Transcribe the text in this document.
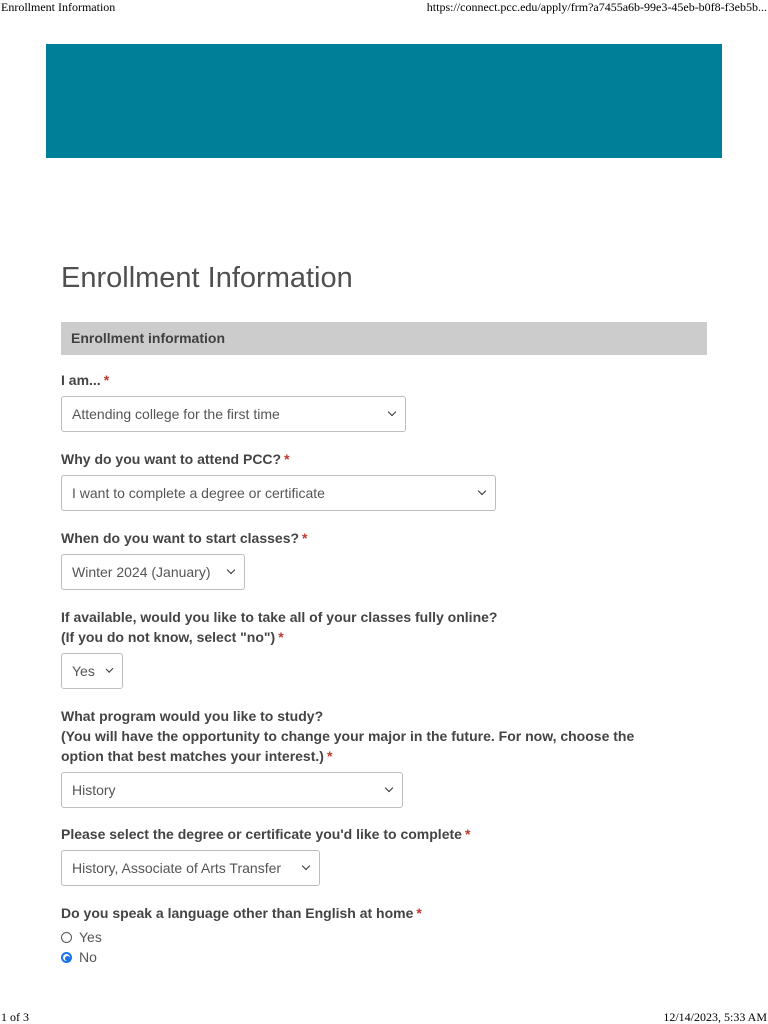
Enrollment Information	https://connect.pcc.edu/apply/frm?a7455a6b-99e3-45eb-b0f8-f3eb5b...
Enrollment Information
Enrollment information
I am... *
Attending college for the first time
Why do you want to attend PCC? *
I want to complete a degree or certificate
When do you want to start classes? *
Winter 2024 (January)
If available, would you like to take all of your classes fully online?
(If you do not know, select "no") *
Yes
What program would you like to study?
(You will have the opportunity to change your major in the future. For now, choose the
option that best matches your interest.) *
History
Please select the degree or certificate you'd like to complete *
History, Associate of Arts Transfer
Do you speak a language other than English at home *
Yes
No
1 of 3	12/14/2023, 5:33 AM
